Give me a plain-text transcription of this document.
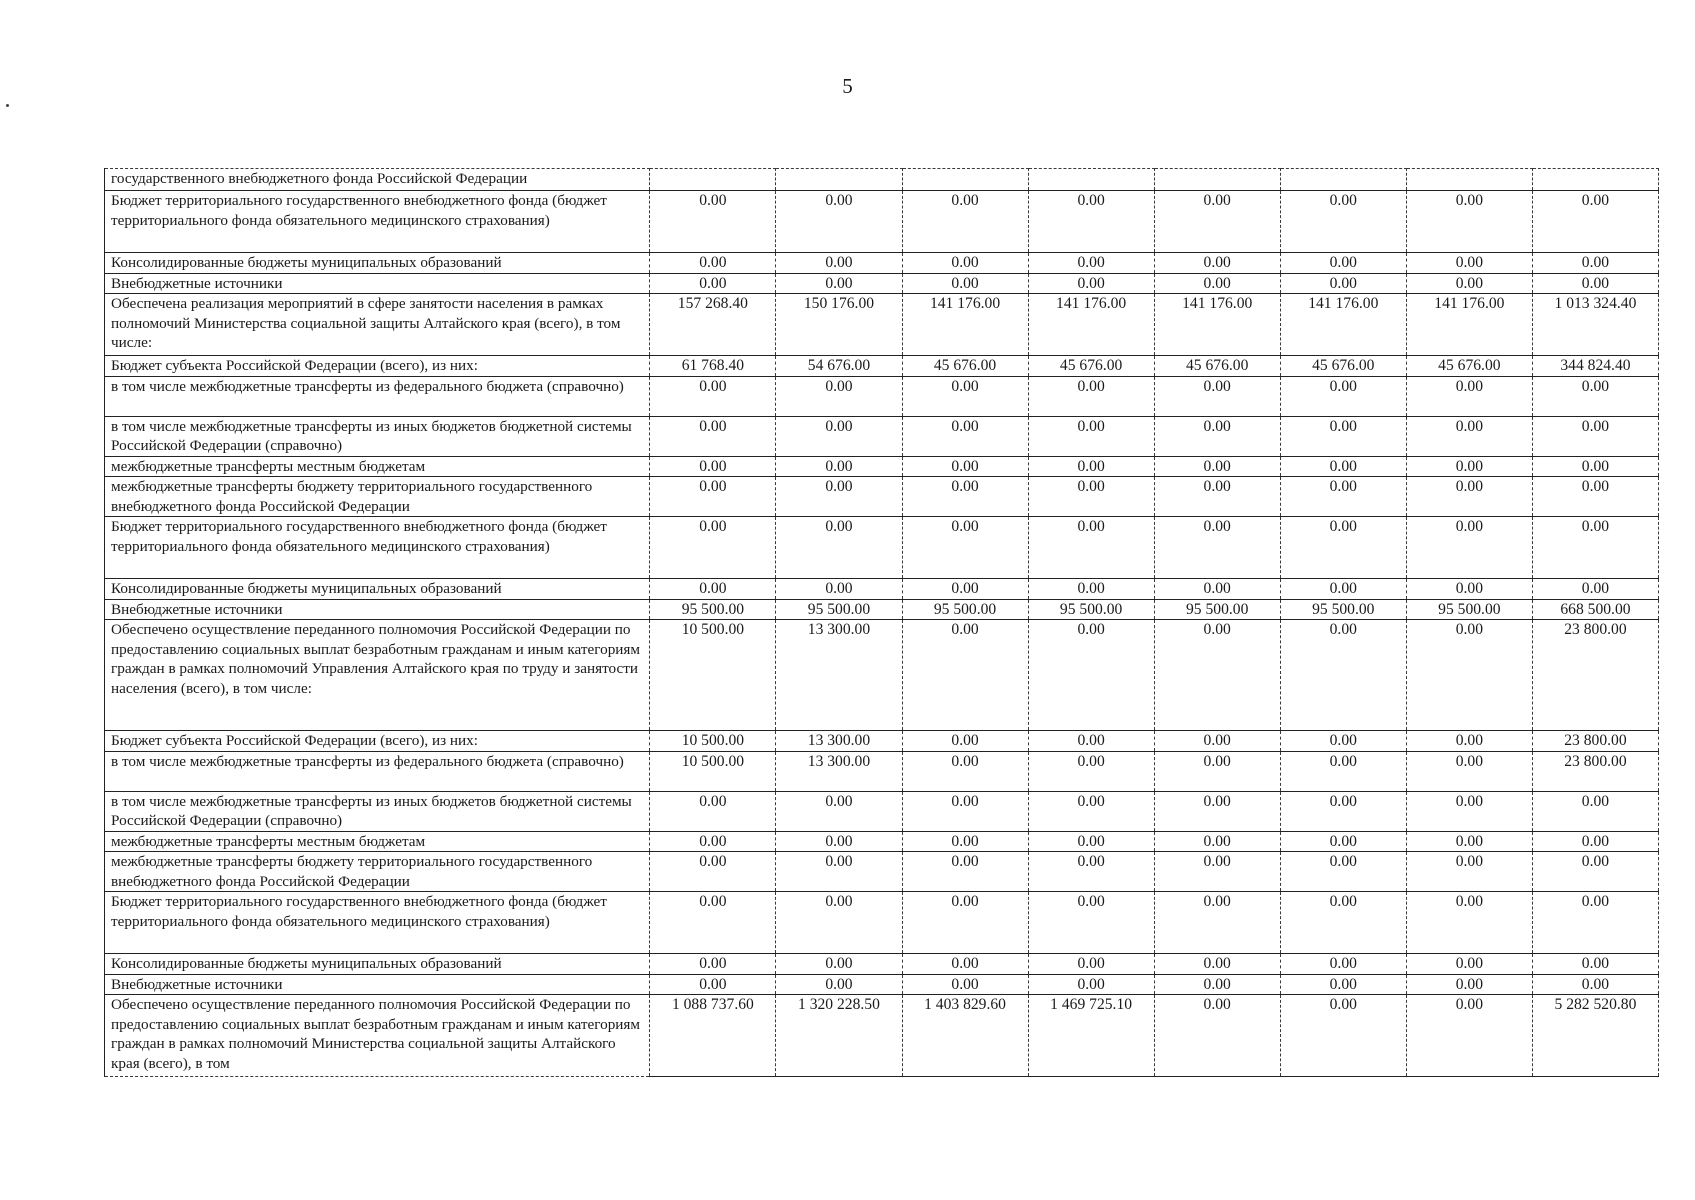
5
государственного внебюджетного фонда Российской Федерации								
Бюджет территориального государственного внебюджетного фонда (бюджет территориального фонда обязательного медицинского страхования)	0.00	0.00	0.00	0.00	0.00	0.00	0.00	0.00
Консолидированные бюджеты муниципальных образований	0.00	0.00	0.00	0.00	0.00	0.00	0.00	0.00
Внебюджетные источники	0.00	0.00	0.00	0.00	0.00	0.00	0.00	0.00
Обеспечена реализация мероприятий в сфере занятости населения в рамках полномочий Министерства социальной защиты Алтайского края (всего), в том числе:	157 268.40	150 176.00	141 176.00	141 176.00	141 176.00	141 176.00	141 176.00	1 013 324.40
Бюджет субъекта Российской Федерации (всего), из них:	61 768.40	54 676.00	45 676.00	45 676.00	45 676.00	45 676.00	45 676.00	344 824.40
в том числе межбюджетные трансферты из федерального бюджета (справочно)	0.00	0.00	0.00	0.00	0.00	0.00	0.00	0.00
в том числе межбюджетные трансферты из иных бюджетов бюджетной системы Российской Федерации (справочно)	0.00	0.00	0.00	0.00	0.00	0.00	0.00	0.00
межбюджетные трансферты местным бюджетам	0.00	0.00	0.00	0.00	0.00	0.00	0.00	0.00
межбюджетные трансферты бюджету территориального государственного внебюджетного фонда Российской Федерации	0.00	0.00	0.00	0.00	0.00	0.00	0.00	0.00
Бюджет территориального государственного внебюджетного фонда (бюджет территориального фонда обязательного медицинского страхования)	0.00	0.00	0.00	0.00	0.00	0.00	0.00	0.00
Консолидированные бюджеты муниципальных образований	0.00	0.00	0.00	0.00	0.00	0.00	0.00	0.00
Внебюджетные источники	95 500.00	95 500.00	95 500.00	95 500.00	95 500.00	95 500.00	95 500.00	668 500.00
Обеспечено осуществление переданного полномочия Российской Федерации по предоставлению социальных выплат безработным гражданам и иным категориям граждан в рамках полномочий Управления Алтайского края по труду и занятости населения (всего), в том числе:	10 500.00	13 300.00	0.00	0.00	0.00	0.00	0.00	23 800.00
Бюджет субъекта Российской Федерации (всего), из них:	10 500.00	13 300.00	0.00	0.00	0.00	0.00	0.00	23 800.00
в том числе межбюджетные трансферты из федерального бюджета (справочно)	10 500.00	13 300.00	0.00	0.00	0.00	0.00	0.00	23 800.00
в том числе межбюджетные трансферты из иных бюджетов бюджетной системы Российской Федерации (справочно)	0.00	0.00	0.00	0.00	0.00	0.00	0.00	0.00
межбюджетные трансферты местным бюджетам	0.00	0.00	0.00	0.00	0.00	0.00	0.00	0.00
межбюджетные трансферты бюджету территориального государственного внебюджетного фонда Российской Федерации	0.00	0.00	0.00	0.00	0.00	0.00	0.00	0.00
Бюджет территориального государственного внебюджетного фонда (бюджет территориального фонда обязательного медицинского страхования)	0.00	0.00	0.00	0.00	0.00	0.00	0.00	0.00
Консолидированные бюджеты муниципальных образований	0.00	0.00	0.00	0.00	0.00	0.00	0.00	0.00
Внебюджетные источники	0.00	0.00	0.00	0.00	0.00	0.00	0.00	0.00
Обеспечено осуществление переданного полномочия Российской Федерации по предоставлению социальных выплат безработным гражданам и иным категориям граждан в рамках полномочий Министерства социальной защиты Алтайского края (всего), в том	1 088 737.60	1 320 228.50	1 403 829.60	1 469 725.10	0.00	0.00	0.00	5 282 520.80
